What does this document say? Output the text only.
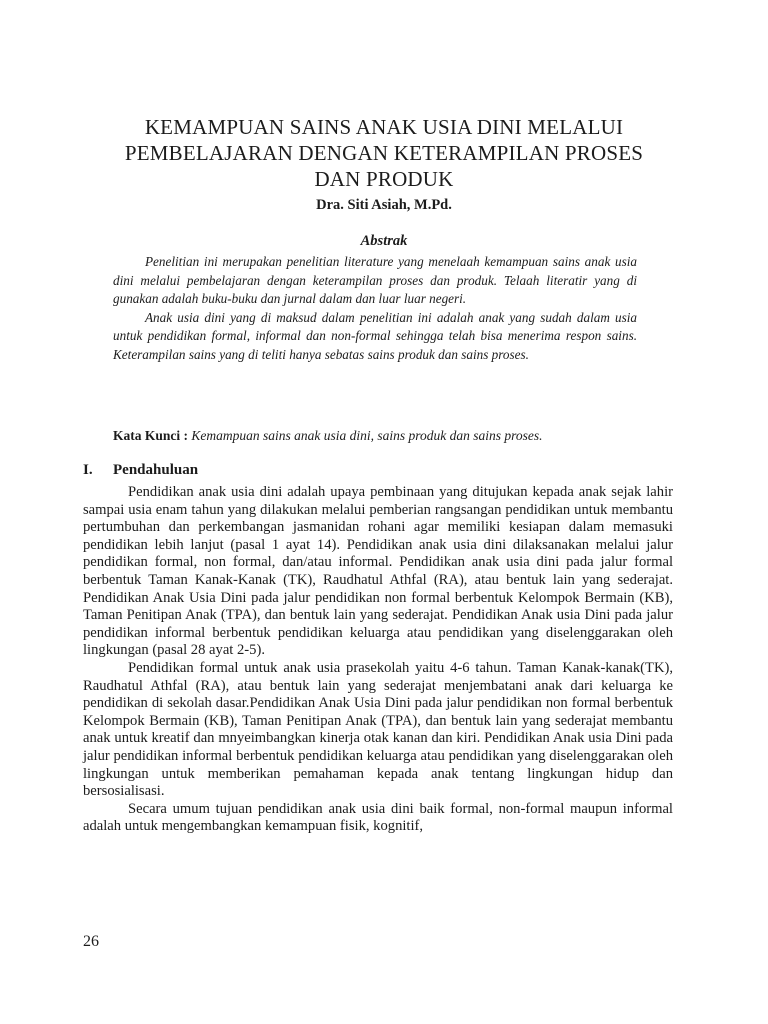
KEMAMPUAN SAINS ANAK USIA DINI MELALUI
PEMBELAJARAN DENGAN KETERAMPILAN PROSES
DAN PRODUK
Dra. Siti Asiah, M.Pd.
Abstrak

Penelitian ini merupakan penelitian literature yang menelaah kemampuan sains anak usia dini melalui pembelajaran dengan keterampilan proses dan produk. Telaah literatir yang di gunakan adalah buku-buku dan jurnal dalam dan luar luar negeri.

Anak usia dini yang di maksud dalam penelitian ini adalah anak yang sudah dalam usia untuk pendidikan formal, informal dan non-formal sehingga telah bisa menerima respon sains. Keterampilan sains yang di teliti hanya sebatas sains produk dan sains proses.

Kata Kunci : Kemampuan sains anak usia dini, sains produk dan sains proses.
I. Pendahuluan

Pendidikan anak usia dini adalah upaya pembinaan yang ditujukan kepada anak sejak lahir sampai usia enam tahun yang dilakukan melalui pemberian rangsangan pendidikan untuk membantu pertumbuhan dan perkembangan jasmanidan rohani agar memiliki kesiapan dalam memasuki pendidikan lebih lanjut (pasal 1 ayat 14). Pendidikan anak usia dini dilaksanakan melalui jalur pendidikan formal, non formal, dan/atau informal. Pendidikan anak usia dini pada jalur formal berbentuk Taman Kanak-Kanak (TK), Raudhatul Athfal (RA), atau bentuk lain yang sederajat. Pendidikan Anak Usia Dini pada jalur pendidikan non formal berbentuk Kelompok Bermain (KB), Taman Penitipan Anak (TPA), dan bentuk lain yang sederajat. Pendidikan Anak usia Dini pada jalur pendidikan informal berbentuk pendidikan keluarga atau pendidikan yang diselenggarakan oleh lingkungan (pasal 28 ayat 2-5).

Pendidikan formal untuk anak usia prasekolah yaitu 4-6 tahun. Taman Kanak-kanak(TK), Raudhatul Athfal (RA), atau bentuk lain yang sederajat menjembatani anak dari keluarga ke pendidikan di sekolah dasar.Pendidikan Anak Usia Dini pada jalur pendidikan non formal berbentuk Kelompok Bermain (KB), Taman Penitipan Anak (TPA), dan bentuk lain yang sederajat membantu anak untuk kreatif dan mnyeimbangkan kinerja otak kanan dan kiri. Pendidikan Anak usia Dini pada jalur pendidikan informal berbentuk pendidikan keluarga atau pendidikan yang diselenggarakan oleh lingkungan untuk memberikan pemahaman kepada anak tentang lingkungan hidup dan bersosialisasi.

Secara umum tujuan pendidikan anak usia dini baik formal, non-formal maupun informal adalah untuk mengembangkan kemampuan fisik, kognitif,

26
